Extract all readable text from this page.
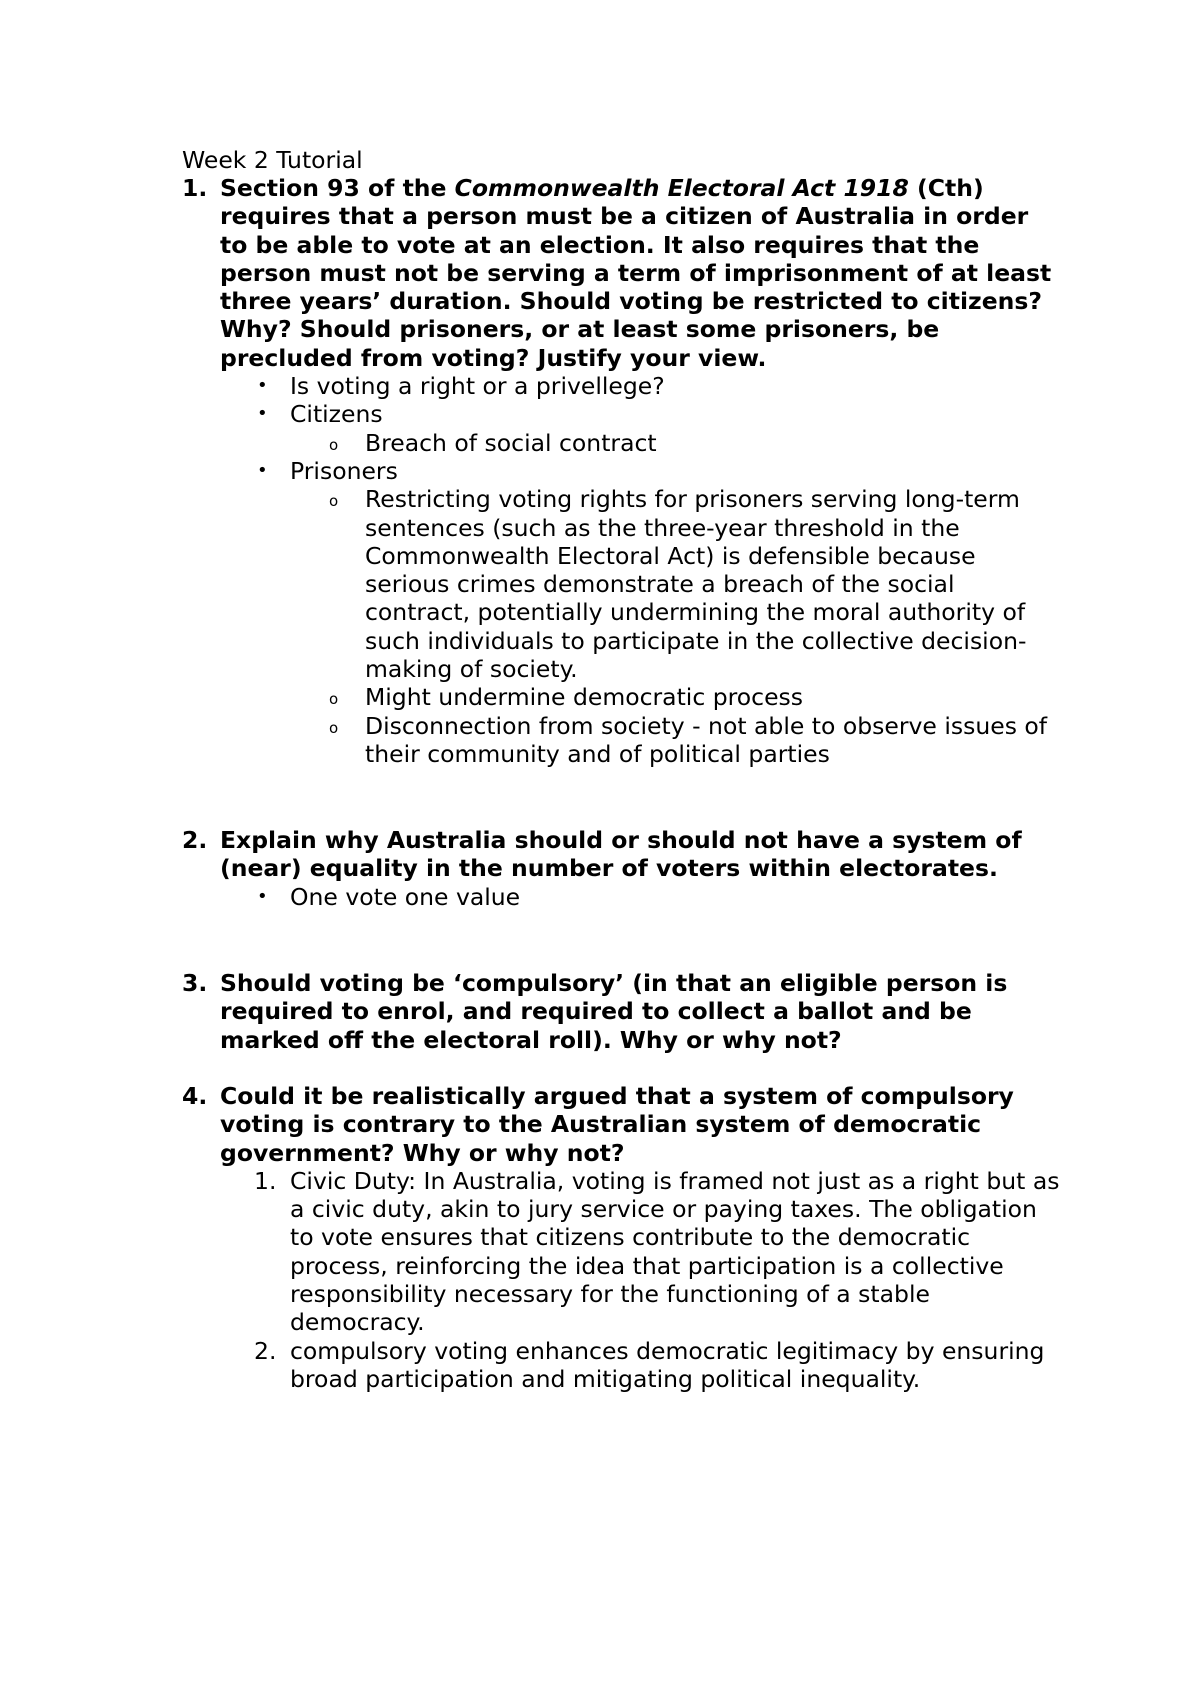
Week 2 Tutorial
1. Section 93 of the Commonwealth Electoral Act 1918 (Cth) requires that a person must be a citizen of Australia in order to be able to vote at an election. It also requires that the person must not be serving a term of imprisonment of at least three years’ duration. Should voting be restricted to citizens? Why? Should prisoners, or at least some prisoners, be precluded from voting? Justify your view.
• Is voting a right or a privellege?
• Citizens
o Breach of social contract
• Prisoners
o Restricting voting rights for prisoners serving long-term sentences (such as the three-year threshold in the Commonwealth Electoral Act) is defensible because serious crimes demonstrate a breach of the social contract, potentially undermining the moral authority of such individuals to participate in the collective decision-making of society.
o Might undermine democratic process
o Disconnection from society - not able to observe issues of their community and of political parties
2. Explain why Australia should or should not have a system of (near) equality in the number of voters within electorates.
• One vote one value
3. Should voting be ‘compulsory’ (in that an eligible person is required to enrol, and required to collect a ballot and be marked off the electoral roll). Why or why not?
4. Could it be realistically argued that a system of compulsory voting is contrary to the Australian system of democratic government? Why or why not?
1. Civic Duty: In Australia, voting is framed not just as a right but as a civic duty, akin to jury service or paying taxes. The obligation to vote ensures that citizens contribute to the democratic process, reinforcing the idea that participation is a collective responsibility necessary for the functioning of a stable democracy.
2. compulsory voting enhances democratic legitimacy by ensuring broad participation and mitigating political inequality.
